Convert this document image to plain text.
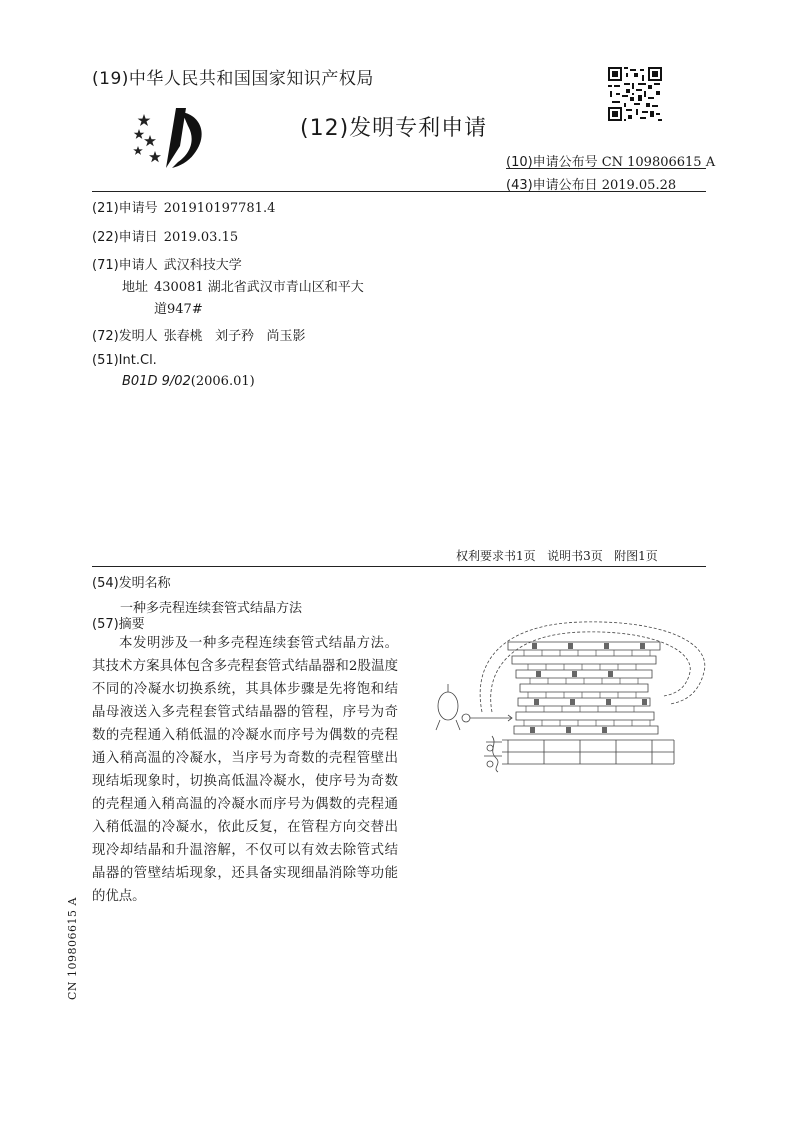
(19)中华人民共和国国家知识产权局
(12)发明专利申请
(10)申请公布号 CN 109806615 A
(43)申请公布日 2019.05.28
(21)申请号 201910197781.4
(22)申请日 2019.03.15
(71)申请人 武汉科技大学
地址 430081 湖北省武汉市青山区和平大
道947#
(72)发明人 张春桃   刘子矜   尚玉影
(51)Int.Cl.
B01D 9/02(2006.01)
权利要求书1页   说明书3页   附图1页
(54)发明名称
一种多壳程连续套管式结晶方法
(57)摘要
本发明涉及一种多壳程连续套管式结晶方法。其技术方案具体包含多壳程套管式结晶器和2股温度不同的冷凝水切换系统，其具体步骤是先将饱和结晶母液送入多壳程套管式结晶器的管程，序号为奇数的壳程通入稍低温的冷凝水而序号为偶数的壳程通入稍高温的冷凝水，当序号为奇数的壳程管壁出现结垢现象时，切换高低温冷凝水，使序号为奇数的壳程通入稍高温的冷凝水而序号为偶数的壳程通入稍低温的冷凝水，依此反复，在管程方向交替出现冷却结晶和升温溶解，不仅可以有效去除管式结晶器的管壁结垢现象，还具备实现细晶消除等功能的优点。
CN 109806615 A
